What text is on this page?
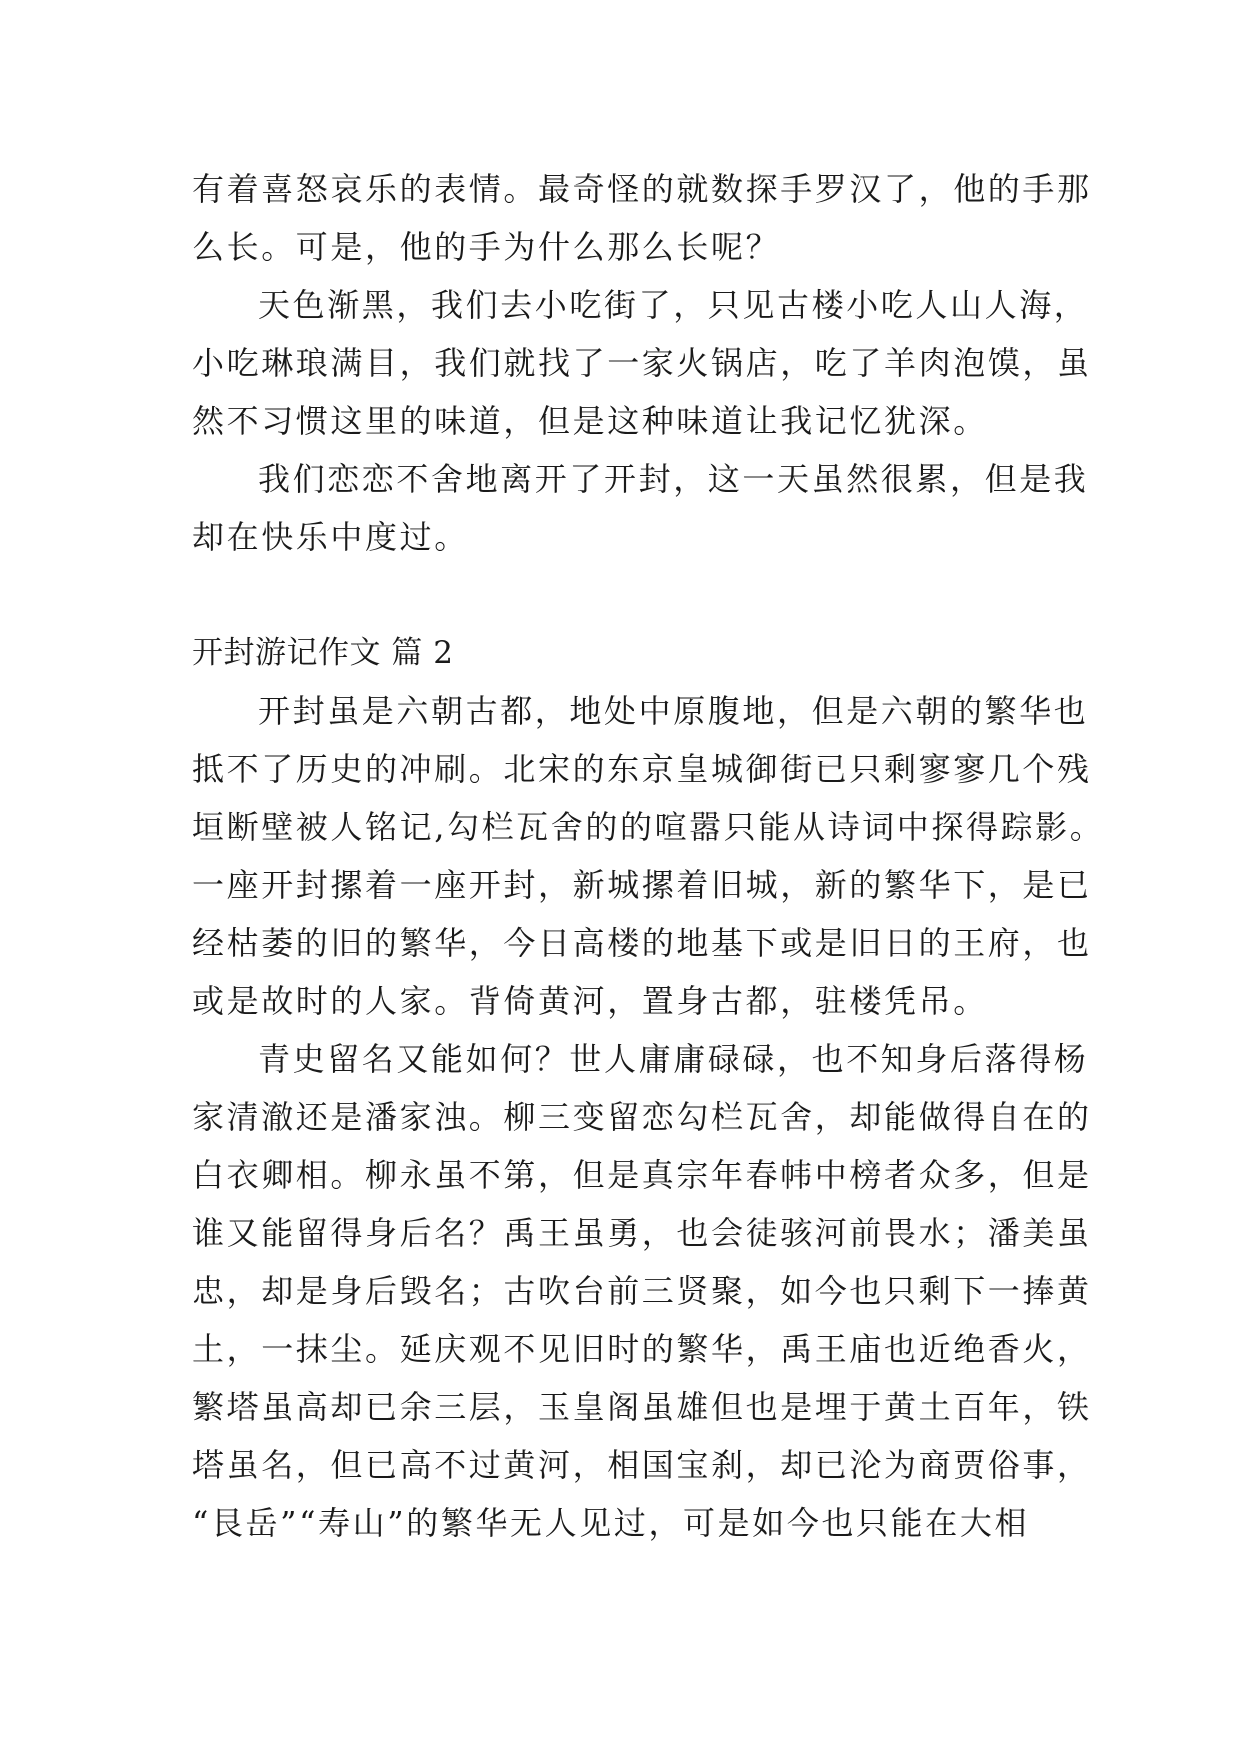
有着喜怒哀乐的表情。最奇怪的就数探手罗汉了，他的手那
么长。可是，他的手为什么那么长呢？
天色渐黑，我们去小吃街了，只见古楼小吃人山人海，
小吃琳琅满目，我们就找了一家火锅店，吃了羊肉泡馍，虽
然不习惯这里的味道，但是这种味道让我记忆犹深。
我们恋恋不舍地离开了开封，这一天虽然很累，但是我
却在快乐中度过。
开封游记作文 篇 2
开封虽是六朝古都，地处中原腹地，但是六朝的繁华也
抵不了历史的冲刷。北宋的东京皇城御街已只剩寥寥几个残
垣断壁被人铭记,勾栏瓦舍的的喧嚣只能从诗词中探得踪影。
一座开封摞着一座开封，新城摞着旧城，新的繁华下，是已
经枯萎的旧的繁华，今日高楼的地基下或是旧日的王府，也
或是故时的人家。背倚黄河，置身古都，驻楼凭吊。
青史留名又能如何？世人庸庸碌碌，也不知身后落得杨
家清澈还是潘家浊。柳三变留恋勾栏瓦舍，却能做得自在的
白衣卿相。柳永虽不第，但是真宗年春帏中榜者众多，但是
谁又能留得身后名？禹王虽勇，也会徒骇河前畏水；潘美虽
忠，却是身后毁名；古吹台前三贤聚，如今也只剩下一捧黄
土，一抹尘。延庆观不见旧时的繁华，禹王庙也近绝香火，
繁塔虽高却已余三层，玉皇阁虽雄但也是埋于黄土百年，铁
塔虽名，但已高不过黄河，相国宝刹，却已沦为商贾俗事，
“艮岳”“寿山”的繁华无人见过，可是如今也只能在大相
